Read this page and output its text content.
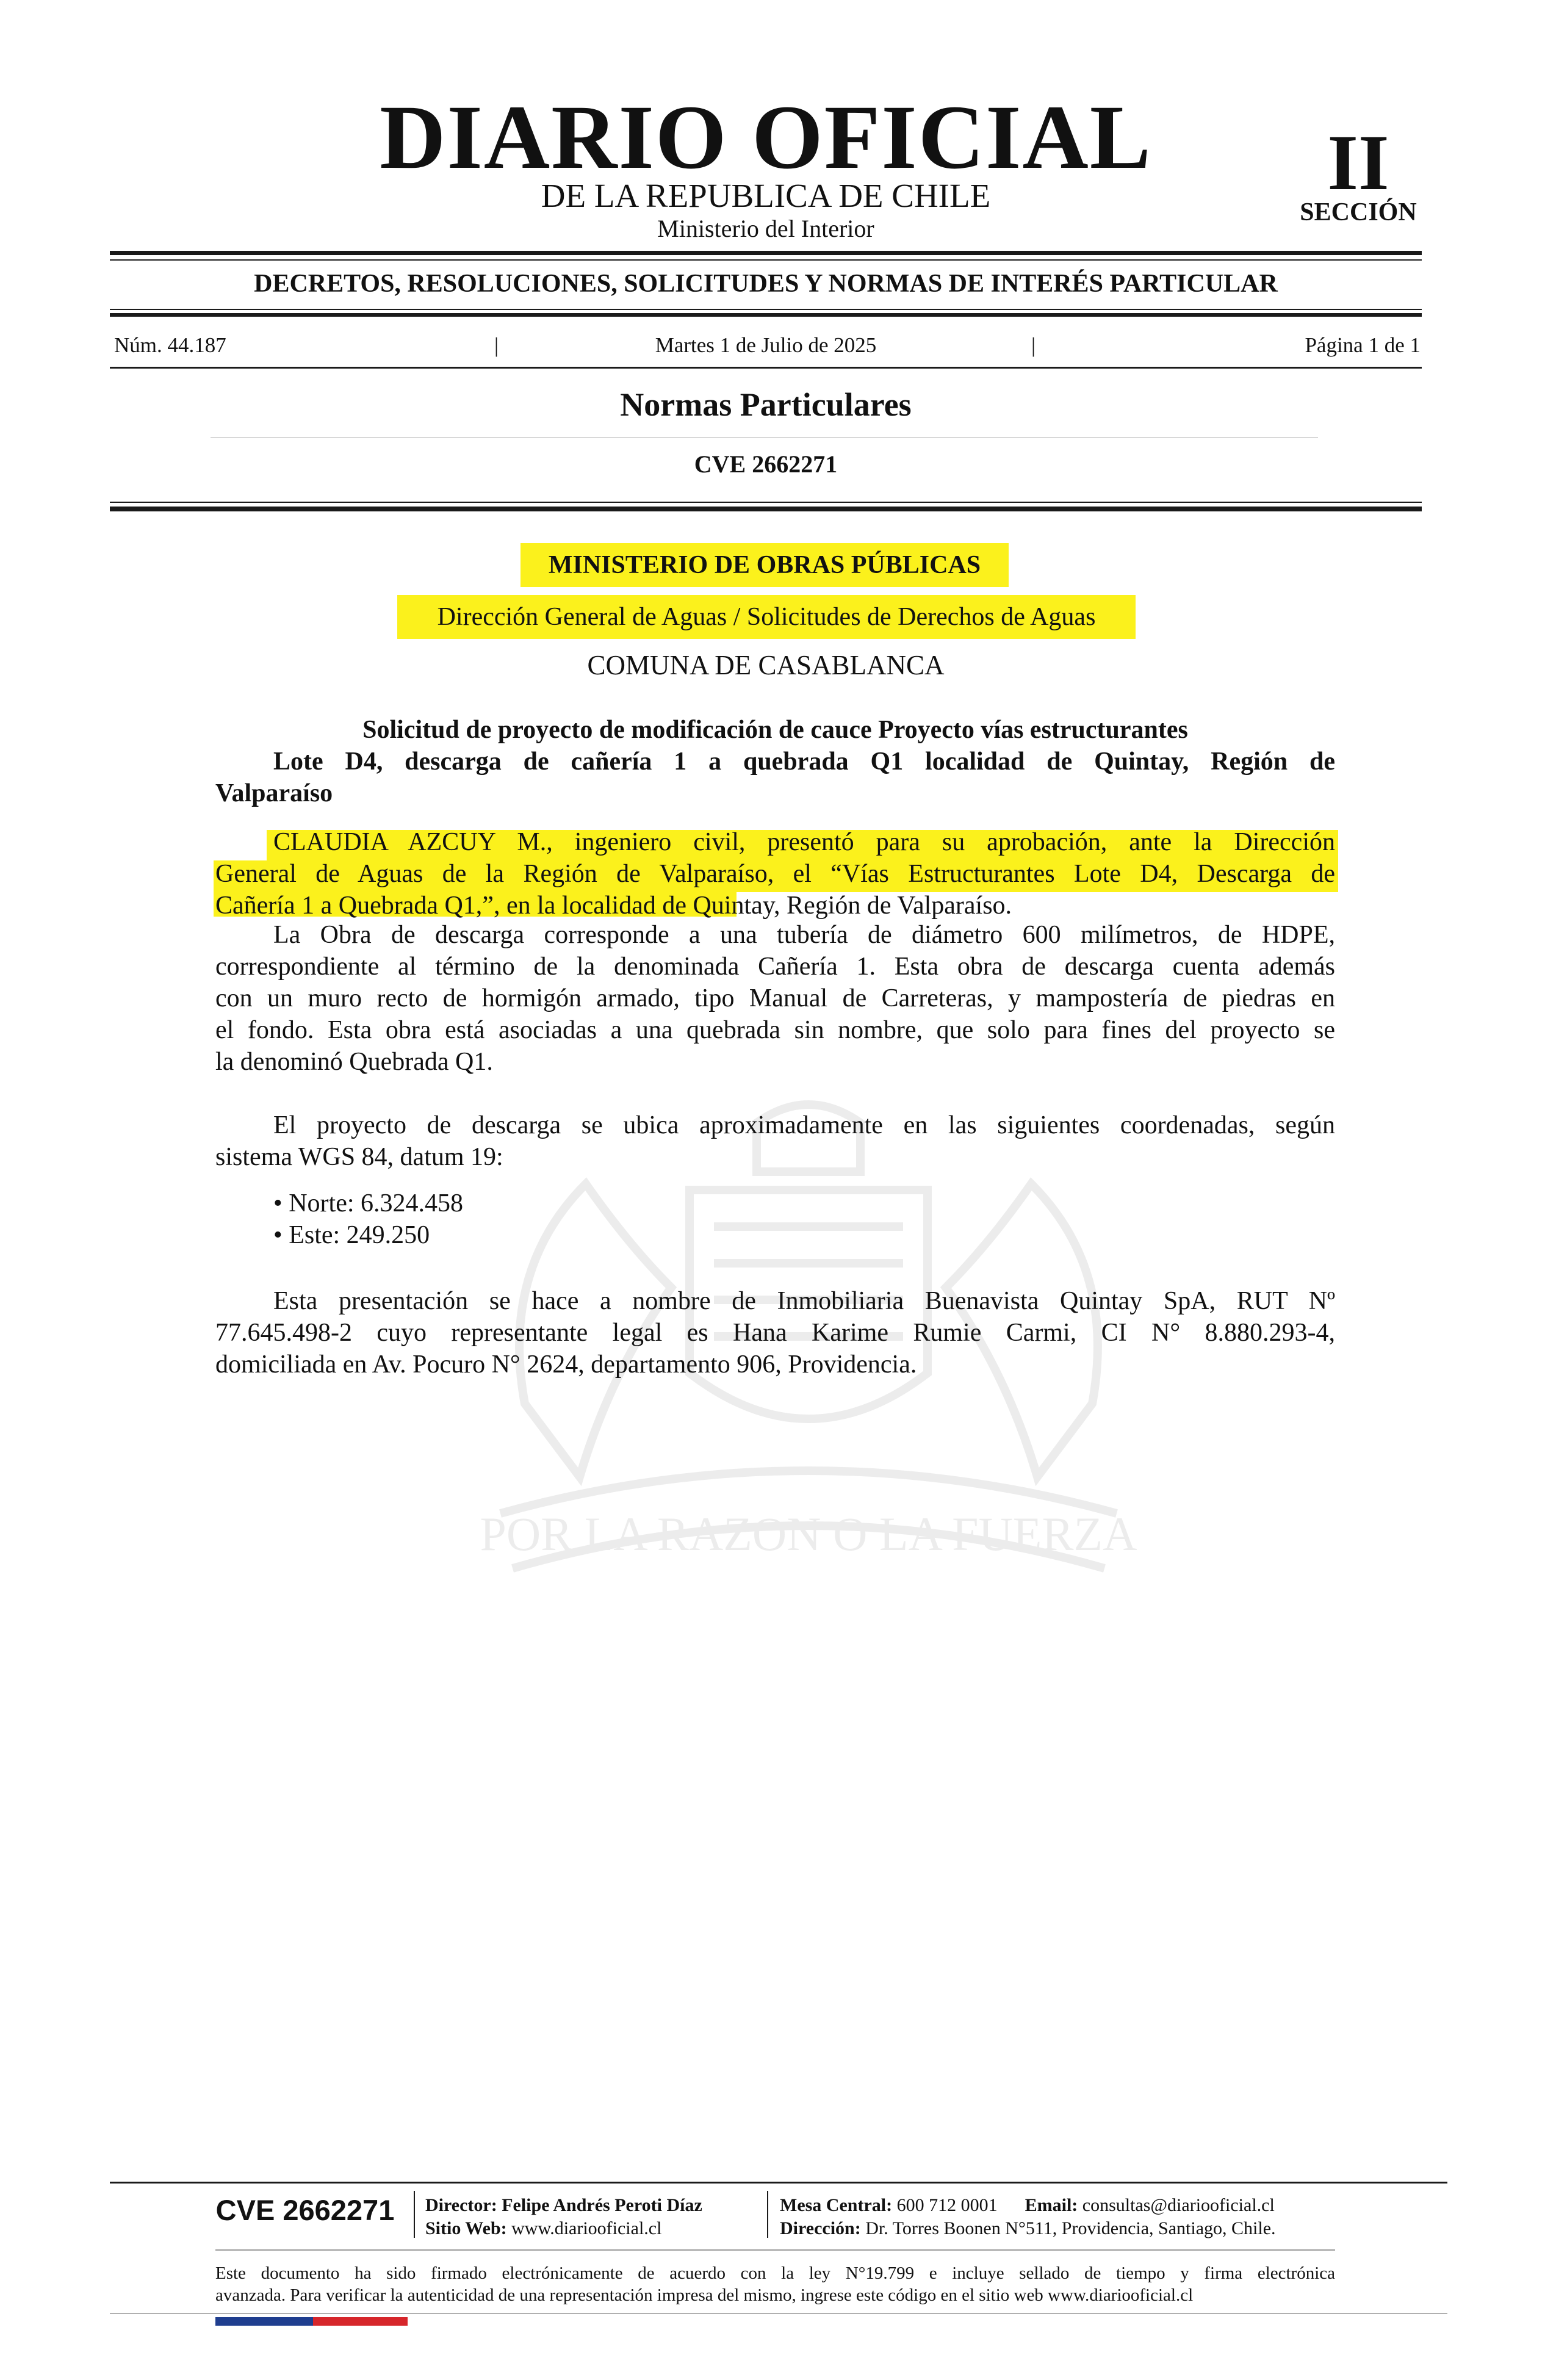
POR LA RAZON O LA FUERZA
DIARIO OFICIAL
DE LA REPUBLICA DE CHILE
Ministerio del Interior
II
SECCIÓN
DECRETOS, RESOLUCIONES, SOLICITUDES Y NORMAS DE INTERÉS PARTICULAR
Núm. 44.187	|	Martes 1 de Julio de 2025	|	Página 1 de 1
Normas Particulares
CVE 2662271
MINISTERIO DE OBRAS PÚBLICAS
Dirección General de Aguas / Solicitudes de Derechos de Aguas
COMUNA DE CASABLANCA
Solicitud de proyecto de modificación de cauce Proyecto vías estructurantes
Lote D4, descarga de cañería 1 a quebrada Q1 localidad de Quintay, Región de
Valparaíso
CLAUDIA AZCUY M., ingeniero civil, presentó para su aprobación, ante la Dirección
General de Aguas de la Región de Valparaíso, el “Vías Estructurantes Lote D4, Descarga de
Cañería 1 a Quebrada Q1,”, en la localidad de Quintay, Región de Valparaíso.
La Obra de descarga corresponde a una tubería de diámetro 600 milímetros, de HDPE,
correspondiente al término de la denominada Cañería 1. Esta obra de descarga cuenta además
con un muro recto de hormigón armado, tipo Manual de Carreteras, y mampostería de piedras en
el fondo. Esta obra está asociadas a una quebrada sin nombre, que solo para fines del proyecto se
la denominó Quebrada Q1.
El proyecto de descarga se ubica aproximadamente en las siguientes coordenadas, según
sistema WGS 84, datum 19:
• Norte: 6.324.458
• Este: 249.250
Esta presentación se hace a nombre de Inmobiliaria Buenavista Quintay SpA, RUT Nº
77.645.498-2 cuyo representante legal es Hana Karime Rumie Carmi, CI N° 8.880.293-4,
domiciliada en Av. Pocuro N° 2624, departamento 906, Providencia.
CVE 2662271	Director: Felipe Andrés Peroti Díaz
Sitio Web: www.diariooficial.cl
Mesa Central: 600 712 0001 Email: consultas@diariooficial.cl
Dirección: Dr. Torres Boonen N°511, Providencia, Santiago, Chile.
Este documento ha sido firmado electrónicamente de acuerdo con la ley N°19.799 e incluye sellado de tiempo y firma electrónica
avanzada. Para verificar la autenticidad de una representación impresa del mismo, ingrese este código en el sitio web www.diariooficial.cl
